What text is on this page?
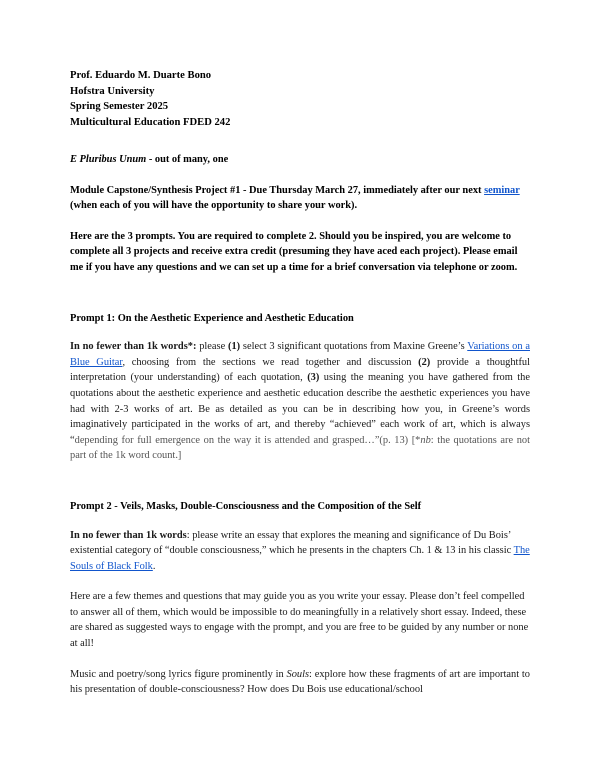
Prof. Eduardo M. Duarte Bono
Hofstra University
Spring Semester 2025
Multicultural Education FDED 242

E Pluribus Unum - out of many, one

Module Capstone/Synthesis Project #1 - Due Thursday March 27, immediately after our next seminar (when each of you will have the opportunity to share your work).

Here are the 3 prompts. You are required to complete 2. Should you be inspired, you are welcome to complete all 3 projects and receive extra credit (presuming they have aced each project). Please email me if you have any questions and we can set up a time for a brief conversation via telephone or zoom.

Prompt 1: On the Aesthetic Experience and Aesthetic Education

In no fewer than 1k words*: please (1) select 3 significant quotations from Maxine Greene’s Variations on a Blue Guitar, choosing from the sections we read together and discussion (2) provide a thoughtful interpretation (your understanding) of each quotation, (3) using the meaning you have gathered from the quotations about the aesthetic experience and aesthetic education describe the aesthetic experiences you have had with 2-3 works of art. Be as detailed as you can be in describing how you, in Greene’s words imaginatively participated in the works of art, and thereby “achieved” each work of art, which is always “depending for full emergence on the way it is attended and grasped…”(p. 13) [*nb: the quotations are not part of the 1k word count.]

Prompt 2 - Veils, Masks, Double-Consciousness and the Composition of the Self

In no fewer than 1k words: please write an essay that explores the meaning and significance of Du Bois’ existential category of “double consciousness,” which he presents in the chapters Ch. 1 & 13 in his classic The Souls of Black Folk.

Here are a few themes and questions that may guide you as you write your essay. Please don’t feel compelled to answer all of them, which would be impossible to do meaningfully in a relatively short essay. Indeed, these are shared as suggested ways to engage with the prompt, and you are free to be guided by any number or none at all!

Music and poetry/song lyrics figure prominently in Souls: explore how these fragments of art are important to his presentation of double-consciousness? How does Du Bois use educational/school
